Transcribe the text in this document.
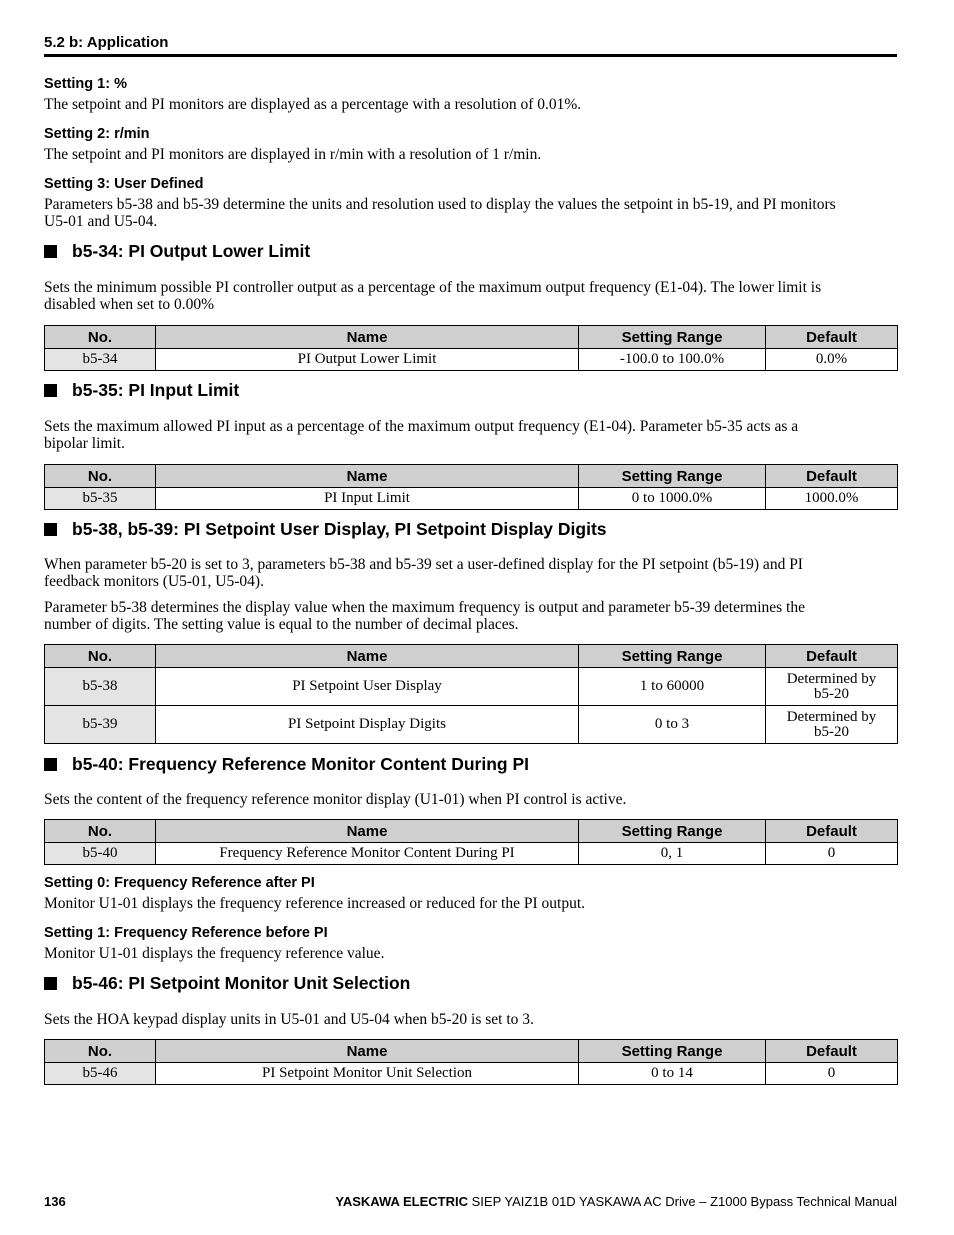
5.2 b: Application
Setting 1: %
The setpoint and PI monitors are displayed as a percentage with a resolution of 0.01%.
Setting 2: r/min
The setpoint and PI monitors are displayed in r/min with a resolution of 1 r/min.
Setting 3: User Defined
Parameters b5-38 and b5-39 determine the units and resolution used to display the values the setpoint in b5-19, and PI monitors
U5-01 and U5-04.
b5-34: PI Output Lower Limit
Sets the minimum possible PI controller output as a percentage of the maximum output frequency (E1-04). The lower limit is
disabled when set to 0.00%
No.	Name	Setting Range	Default
b5-34	PI Output Lower Limit	-100.0 to 100.0%	0.0%
b5-35: PI Input Limit
Sets the maximum allowed PI input as a percentage of the maximum output frequency (E1-04). Parameter b5-35 acts as a
bipolar limit.
No.	Name	Setting Range	Default
b5-35	PI Input Limit	0 to 1000.0%	1000.0%
b5-38, b5-39: PI Setpoint User Display, PI Setpoint Display Digits
When parameter b5-20 is set to 3, parameters b5-38 and b5-39 set a user-defined display for the PI setpoint (b5-19) and PI
feedback monitors (U5-01, U5-04).
Parameter b5-38 determines the display value when the maximum frequency is output and parameter b5-39 determines the
number of digits. The setting value is equal to the number of decimal places.
No.	Name	Setting Range	Default
b5-38	PI Setpoint User Display	1 to 60000	Determined by
b5-20

b5-39	PI Setpoint Display Digits	0 to 3	Determined by
b5-20
b5-40: Frequency Reference Monitor Content During PI
Sets the content of the frequency reference monitor display (U1-01) when PI control is active.
No.	Name	Setting Range	Default
b5-40	Frequency Reference Monitor Content During PI	0, 1	0
Setting 0: Frequency Reference after PI
Monitor U1-01 displays the frequency reference increased or reduced for the PI output.
Setting 1: Frequency Reference before PI
Monitor U1-01 displays the frequency reference value.
b5-46: PI Setpoint Monitor Unit Selection
Sets the HOA keypad display units in U5-01 and U5-04 when b5-20 is set to 3.
No.	Name	Setting Range	Default
b5-46	PI Setpoint Monitor Unit Selection	0 to 14	0
136	YASKAWA ELECTRIC SIEP YAIZ1B 01D YASKAWA AC Drive – Z1000 Bypass Technical Manual
